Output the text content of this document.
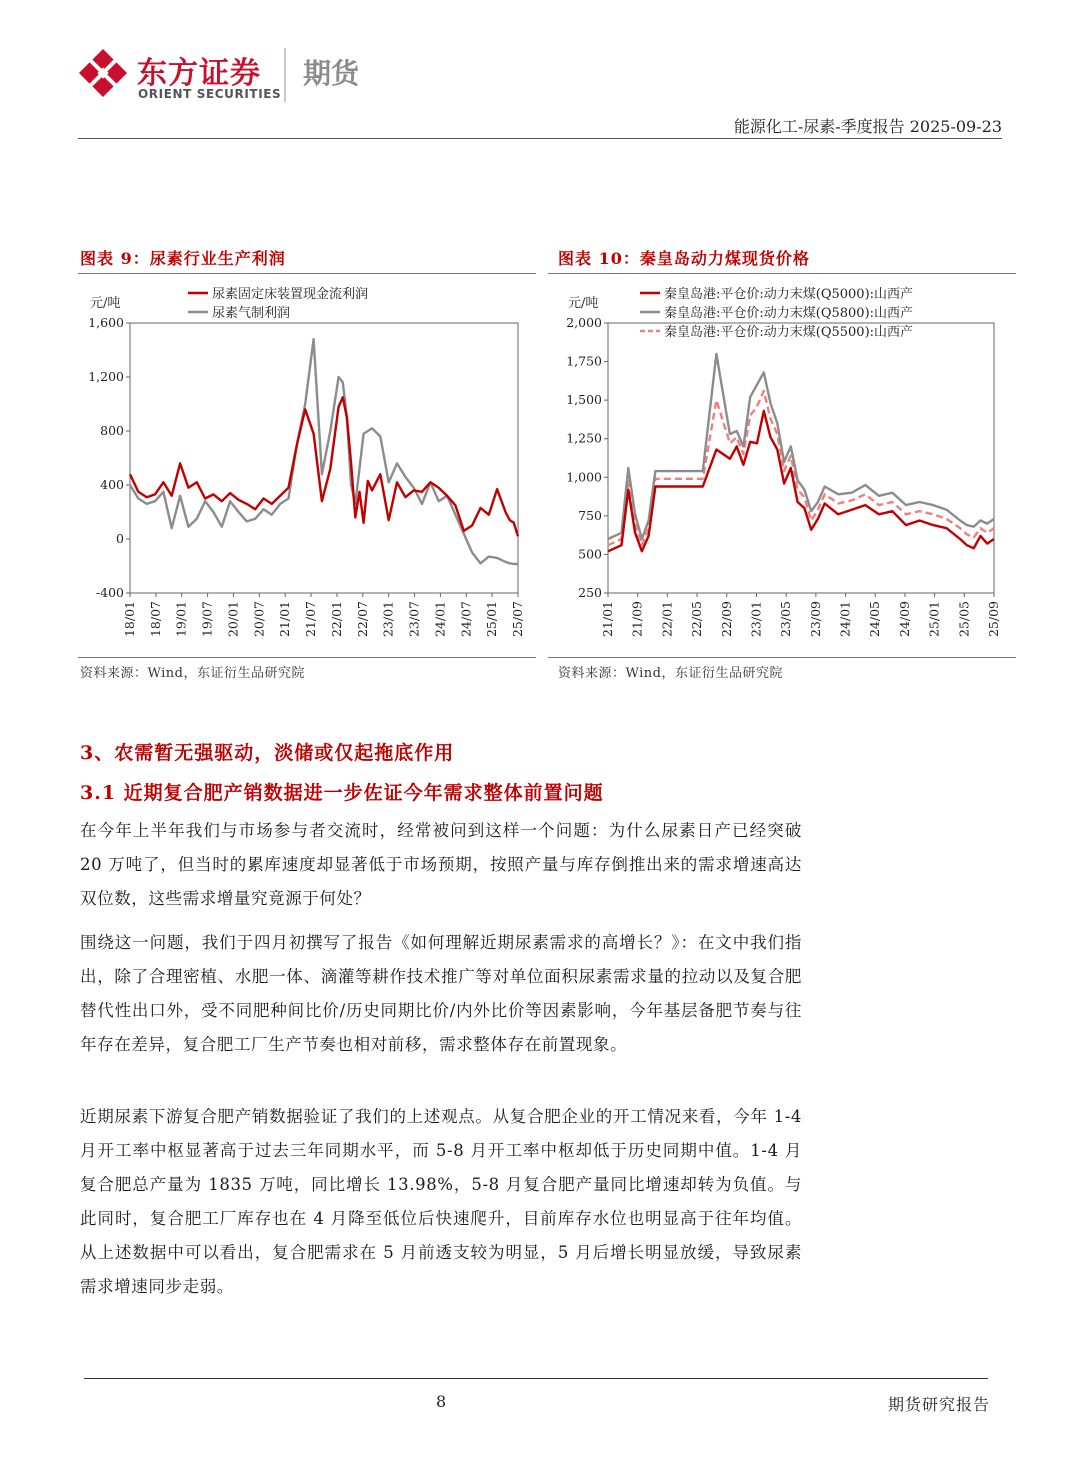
东方证券
ORIENT SECURITIES
期货
能源化工-尿素-季度报告 2025-09-23
图表 9：尿素行业生产利润
元/吨
1,600
1,200
800
400
0
-400
18/01 18/07 19/01 19/07 20/01 20/07 21/01 21/07 22/01 22/07 23/01 23/07 24/01 24/07 25/01 25/07
尿素固定床装置现金流利润
尿素气制利润
资料来源：Wind，东证衍生品研究院
图表 10：秦皇岛动力煤现货价格
元/吨
2,000
1,750
1,500
1,250
1,000
750
500
250
21/01 21/09 22/01 22/05 22/09 23/01 23/05 23/09 24/01 24/05 24/09 25/01 25/05 25/09
秦皇岛港:平仓价:动力末煤(Q5000):山西产
秦皇岛港:平仓价:动力末煤(Q5800):山西产
秦皇岛港:平仓价:动力末煤(Q5500):山西产
资料来源：Wind，东证衍生品研究院
3、农需暂无强驱动，淡储或仅起拖底作用
3.1 近期复合肥产销数据进一步佐证今年需求整体前置问题
在今年上半年我们与市场参与者交流时，经常被问到这样一个问题：为什么尿素日产已经突破 20 万吨了，但当时的累库速度却显著低于市场预期，按照产量与库存倒推出来的需求增速高达双位数，这些需求增量究竟源于何处？
围绕这一问题，我们于四月初撰写了报告《如何理解近期尿素需求的高增长？》：在文中我们指出，除了合理密植、水肥一体、滴灌等耕作技术推广等对单位面积尿素需求量的拉动以及复合肥替代性出口外，受不同肥种间比价/历史同期比价/内外比价等因素影响，今年基层备肥节奏与往年存在差异，复合肥工厂生产节奏也相对前移，需求整体存在前置现象。
近期尿素下游复合肥产销数据验证了我们的上述观点。从复合肥企业的开工情况来看，今年 1-4 月开工率中枢显著高于过去三年同期水平，而 5-8 月开工率中枢却低于历史同期中值。1-4 月复合肥总产量为 1835 万吨，同比增长 13.98%，5-8 月复合肥产量同比增速却转为负值。与此同时，复合肥工厂库存也在 4 月降至低位后快速爬升，目前库存水位也明显高于往年均值。从上述数据中可以看出，复合肥需求在 5 月前透支较为明显，5 月后增长明显放缓，导致尿素需求增速同步走弱。
8	期货研究报告
